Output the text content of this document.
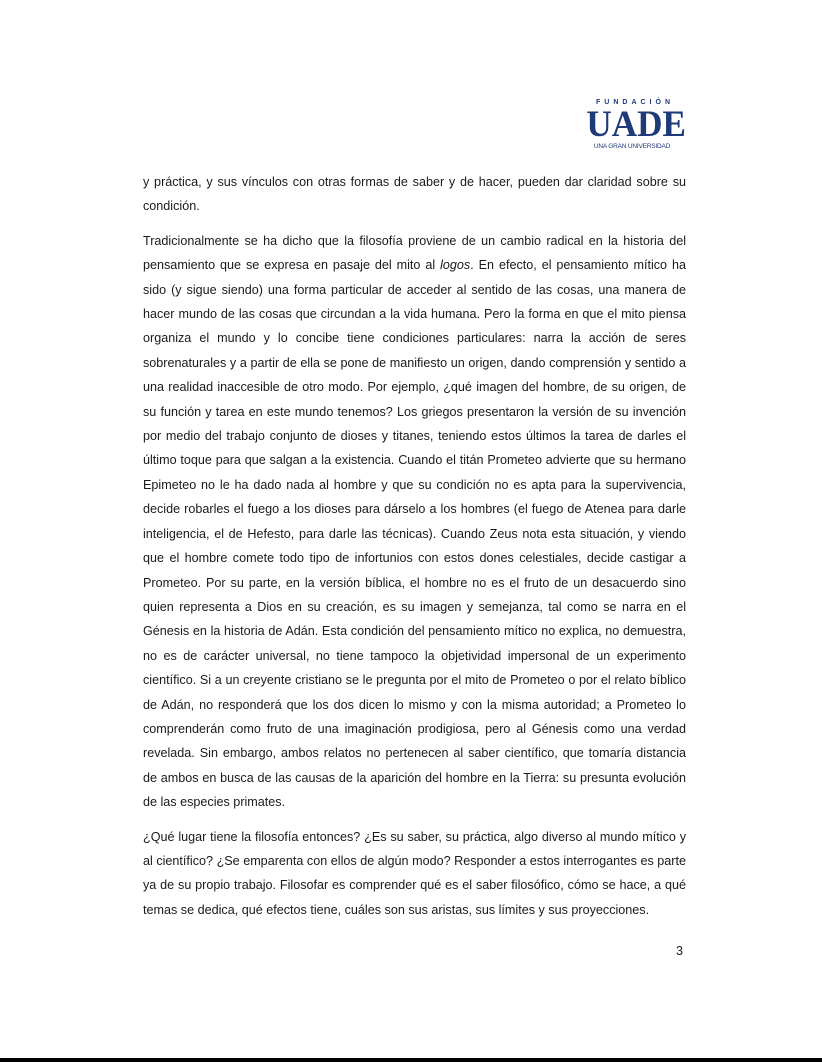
FUNDACIÓN
UADE
UNA GRAN UNIVERSIDAD

y práctica, y sus vínculos con otras formas de saber y de hacer, pueden dar claridad sobre su condición.

Tradicionalmente se ha dicho que la filosofía proviene de un cambio radical en la historia del pensamiento que se expresa en pasaje del mito al logos. En efecto, el pensamiento mítico ha sido (y sigue siendo) una forma particular de acceder al sentido de las cosas, una manera de hacer mundo de las cosas que circundan a la vida humana. Pero la forma en que el mito piensa organiza el mundo y lo concibe tiene condiciones particulares: narra la acción de seres sobrenaturales y a partir de ella se pone de manifiesto un origen, dando comprensión y sentido a una realidad inaccesible de otro modo. Por ejemplo, ¿qué imagen del hombre, de su origen, de su función y tarea en este mundo tenemos? Los griegos presentaron la versión de su invención por medio del trabajo conjunto de dioses y titanes, teniendo estos últimos la tarea de darles el último toque para que salgan a la existencia. Cuando el titán Prometeo advierte que su hermano Epimeteo no le ha dado nada al hombre y que su condición no es apta para la supervivencia, decide robarles el fuego a los dioses para dárselo a los hombres (el fuego de Atenea para darle inteligencia, el de Hefesto, para darle las técnicas). Cuando Zeus nota esta situación, y viendo que el hombre comete todo tipo de infortunios con estos dones celestiales, decide castigar a Prometeo. Por su parte, en la versión bíblica, el hombre no es el fruto de un desacuerdo sino quien representa a Dios en su creación, es su imagen y semejanza, tal como se narra en el Génesis en la historia de Adán. Esta condición del pensamiento mítico no explica, no demuestra, no es de carácter universal, no tiene tampoco la objetividad impersonal de un experimento científico. Si a un creyente cristiano se le pregunta por el mito de Prometeo o por el relato bíblico de Adán, no responderá que los dos dicen lo mismo y con la misma autoridad; a Prometeo lo comprenderán como fruto de una imaginación prodigiosa, pero al Génesis como una verdad revelada. Sin embargo, ambos relatos no pertenecen al saber científico, que tomaría distancia de ambos en busca de las causas de la aparición del hombre en la Tierra: su presunta evolución de las especies primates.

¿Qué lugar tiene la filosofía entonces? ¿Es su saber, su práctica, algo diverso al mundo mítico y al científico? ¿Se emparenta con ellos de algún modo? Responder a estos interrogantes es parte ya de su propio trabajo. Filosofar es comprender qué es el saber filosófico, cómo se hace, a qué temas se dedica, qué efectos tiene, cuáles son sus aristas, sus límites y sus proyecciones.

3
